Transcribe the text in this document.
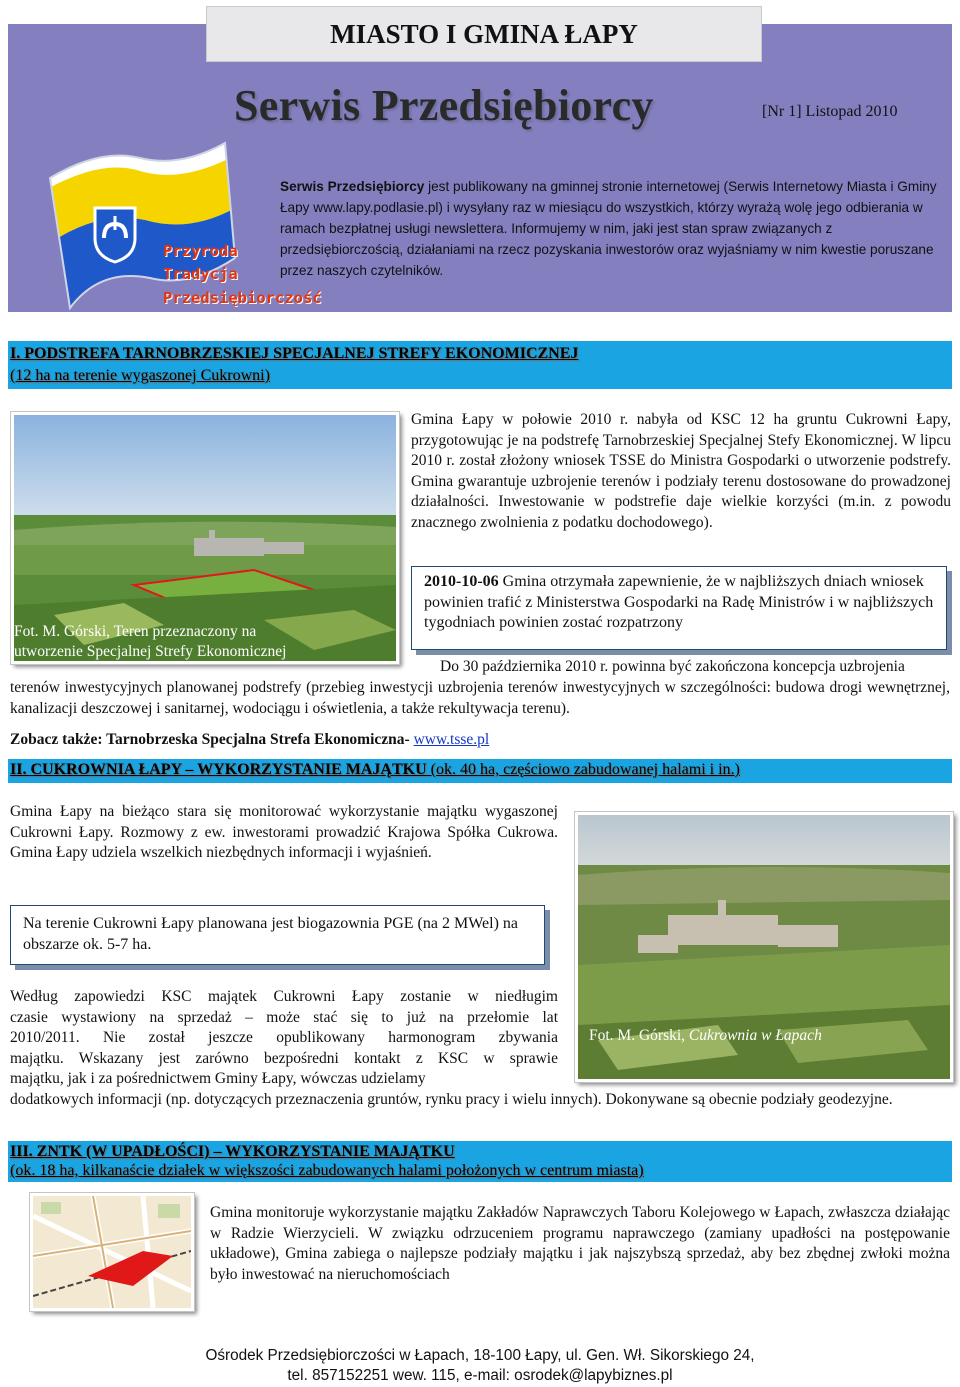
MIASTO I GMINA ŁAPY
Serwis Przedsiębiorcy	[Nr 1] Listopad 2010
Przyroda
Tradycja
Przedsiębiorczość
Serwis Przedsiębiorcy jest publikowany na gminnej stronie internetowej (Serwis Internetowy Miasta i Gminy Łapy www.lapy.podlasie.pl) i wysyłany raz w miesiącu do wszystkich, którzy wyrażą wolę jego odbierania w ramach bezpłatnej usługi newslettera. Informujemy w nim, jaki jest stan spraw związanych z przedsiębiorczością, działaniami na rzecz pozyskania inwestorów oraz wyjaśniamy w nim kwestie poruszane przez naszych czytelników.
I. PODSTREFA TARNOBRZESKIEJ SPECJALNEJ STREFY EKONOMICZNEJ
(12 ha na terenie wygaszonej Cukrowni)
Fot. M. Górski, Teren przeznaczony na
utworzenie Specjalnej Strefy Ekonomicznej
Gmina Łapy w połowie 2010 r. nabyła od KSC 12 ha gruntu Cukrowni Łapy, przygotowując je na podstrefę Tarnobrzeskiej Specjalnej Stefy Ekonomicznej. W lipcu 2010 r. został złożony wniosek TSSE do Ministra Gospodarki o utworzenie podstrefy. Gmina gwarantuje uzbrojenie terenów i podziały terenu dostosowane do prowadzonej działalności. Inwestowanie w podstrefie daje wielkie korzyści (m.in. z powodu znacznego zwolnienia z podatku dochodowego).
2010-10-06 Gmina otrzymała zapewnienie, że w najbliższych dniach wniosek powinien trafić z Ministerstwa Gospodarki na Radę Ministrów i w najbliższych tygodniach powinien zostać rozpatrzony
Do 30 października 2010 r. powinna być zakończona koncepcja uzbrojenia
terenów inwestycyjnych planowanej podstrefy (przebieg inwestycji uzbrojenia terenów inwestycyjnych w szczególności: budowa drogi wewnętrznej, kanalizacji deszczowej i sanitarnej, wodociągu i oświetlenia, a także rekultywacja terenu).
Zobacz także: Tarnobrzeska Specjalna Strefa Ekonomiczna- www.tsse.pl
II. CUKROWNIA ŁAPY – WYKORZYSTANIE MAJĄTKU (ok. 40 ha, częściowo zabudowanej halami i in.)
Gmina Łapy na bieżąco stara się monitorować wykorzystanie majątku wygaszonej Cukrowni Łapy. Rozmowy z ew. inwestorami prowadzić Krajowa Spółka Cukrowa. Gmina Łapy udziela wszelkich niezbędnych informacji i wyjaśnień.
Na terenie Cukrowni Łapy planowana jest biogazownia PGE (na 2 MWel) na obszarze ok. 5-7 ha.
Według zapowiedzi KSC majątek Cukrowni Łapy zostanie w niedługim
czasie wystawiony na sprzedaż – może stać się to już na przełomie lat
2010/2011. Nie został jeszcze opublikowany harmonogram zbywania
majątku. Wskazany jest zarówno bezpośredni kontakt z KSC w sprawie
majątku, jak i za pośrednictwem Gminy Łapy, wówczas udzielamy
dodatkowych informacji (np. dotyczących przeznaczenia gruntów, rynku pracy i wielu innych). Dokonywane są obecnie podziały geodezyjne.
Fot. M. Górski, Cukrownia w Łapach
III. ZNTK (W UPADŁOŚCI) – WYKORZYSTANIE MAJĄTKU
(ok. 18 ha, kilkanaście działek w większości zabudowanych halami położonych w centrum miasta)
Gmina monitoruje wykorzystanie majątku Zakładów Naprawczych Taboru Kolejowego w Łapach, zwłaszcza działając w Radzie Wierzycieli. W związku odrzuceniem programu naprawczego (zamiany upadłości na postępowanie układowe), Gmina zabiega o najlepsze podziały majątku i jak najszybszą sprzedaż, aby bez zbędnej zwłoki można było inwestować na nieruchomościach
Ośrodek Przedsiębiorczości w Łapach, 18-100 Łapy, ul. Gen. Wł. Sikorskiego 24,
tel. 857152251 wew. 115, e-mail: osrodek@lapybiznes.pl
